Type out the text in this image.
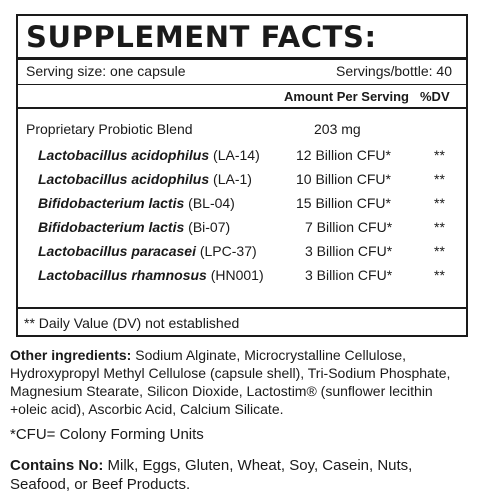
SUPPLEMENT FACTS:
Serving size: one capsule	Servings/bottle: 40
Amount Per Serving %DV
Proprietary Probiotic Blend	203 mg
Lactobacillus acidophilus (LA-14)	12 Billion CFU*	**
Lactobacillus acidophilus (LA-1)	10 Billion CFU*	**
Bifidobacterium lactis (BL-04)	15 Billion CFU*	**
Bifidobacterium lactis (Bi-07)	7 Billion CFU*	**
Lactobacillus paracasei (LPC-37)	3 Billion CFU*	**
Lactobacillus rhamnosus (HN001)	3 Billion CFU*	**
** Daily Value (DV) not established
Other ingredients: Sodium Alginate, Microcrystalline Cellulose, Hydroxypropyl Methyl Cellulose (capsule shell), Tri-Sodium Phosphate, Magnesium Stearate, Silicon Dioxide, Lactostim® (sunflower lecithin +oleic acid), Ascorbic Acid, Calcium Silicate.
*CFU= Colony Forming Units
Contains No: Milk, Eggs, Gluten, Wheat, Soy, Casein, Nuts, Seafood, or Beef Products.
